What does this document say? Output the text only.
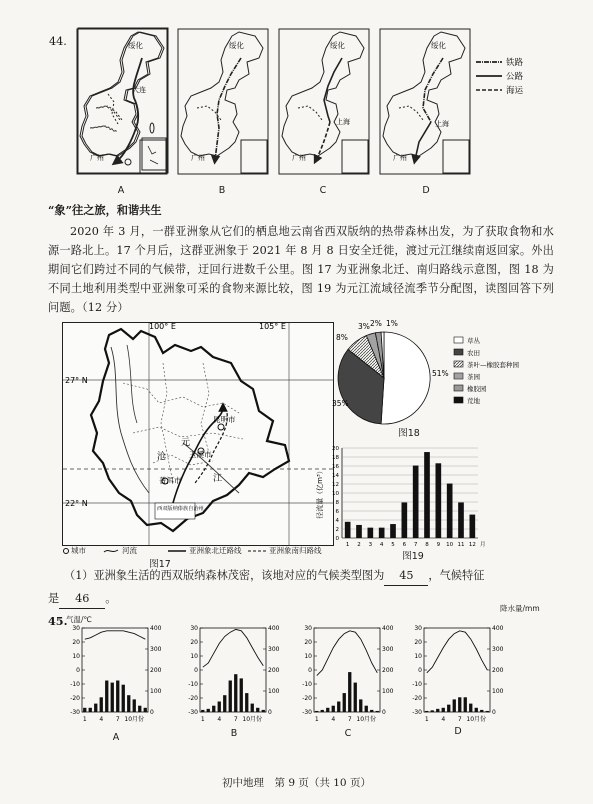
44.	绥化
大连
广州
绥化
广州
绥化
上海
广州
绥化
上海
广州
铁路
公路
海运
A	B	C	D
“象”往之旅，和谐共生
2020 年 3 月，一群亚洲象从它们的栖息地云南省西双版纳的热带森林出发，为了获取食物和水源一路北上。17 个月后，这群亚洲象于 2021 年 8 月 8 日安全迁徙，渡过元江继续南返回家。外出期间它们跨过不同的气候带，迂回行进数千公里。图 17 为亚洲象北迁、南归路线示意图，图 18 为不同土地利用类型中亚洲象可采的食物来源比较，图 19 为元江流域径流季节分配图，读图回答下列问题。（12 分）
100° E	105° E
27° N
22° N
昆明市
玉溪市
普洱市
西双版纳傣族自治州
元
江
沧
城市	河流	亚洲象北迁路线	亚洲象南归路线
图17
51%
35%
8%
3% 2% 1%
草丛
农田
茶叶—橡胶套种园
茶园
橡胶园
荒地
图18
0
2
4
6
8
10
12
14
16
18
20
1 2 3 4 5 6 7 8 9 10 11 12 月
径流量（亿m³）
图19
（1）亚洲象生活的西双版纳森林茂密，该地对应的气候类型图为 45 ，气候特征
是 46 。
45.
气温/℃
降水量/mm
30
20
10
0
-10
-20
-30
400
300
200
100
0
1 4 7 10月份
30
20
10
0
-10
-20
-30
400
300
200
100
0
1 4 7 10月份
30
20
10
0
-10
-20
-30
400
300
200
100
0
1 4 7 10月份
30
20
10
0
-10
-20
-30
400
300
200
100
0
1 4 7 10月份
A	B	C	D
初中地理　第 9 页（共 10 页）
